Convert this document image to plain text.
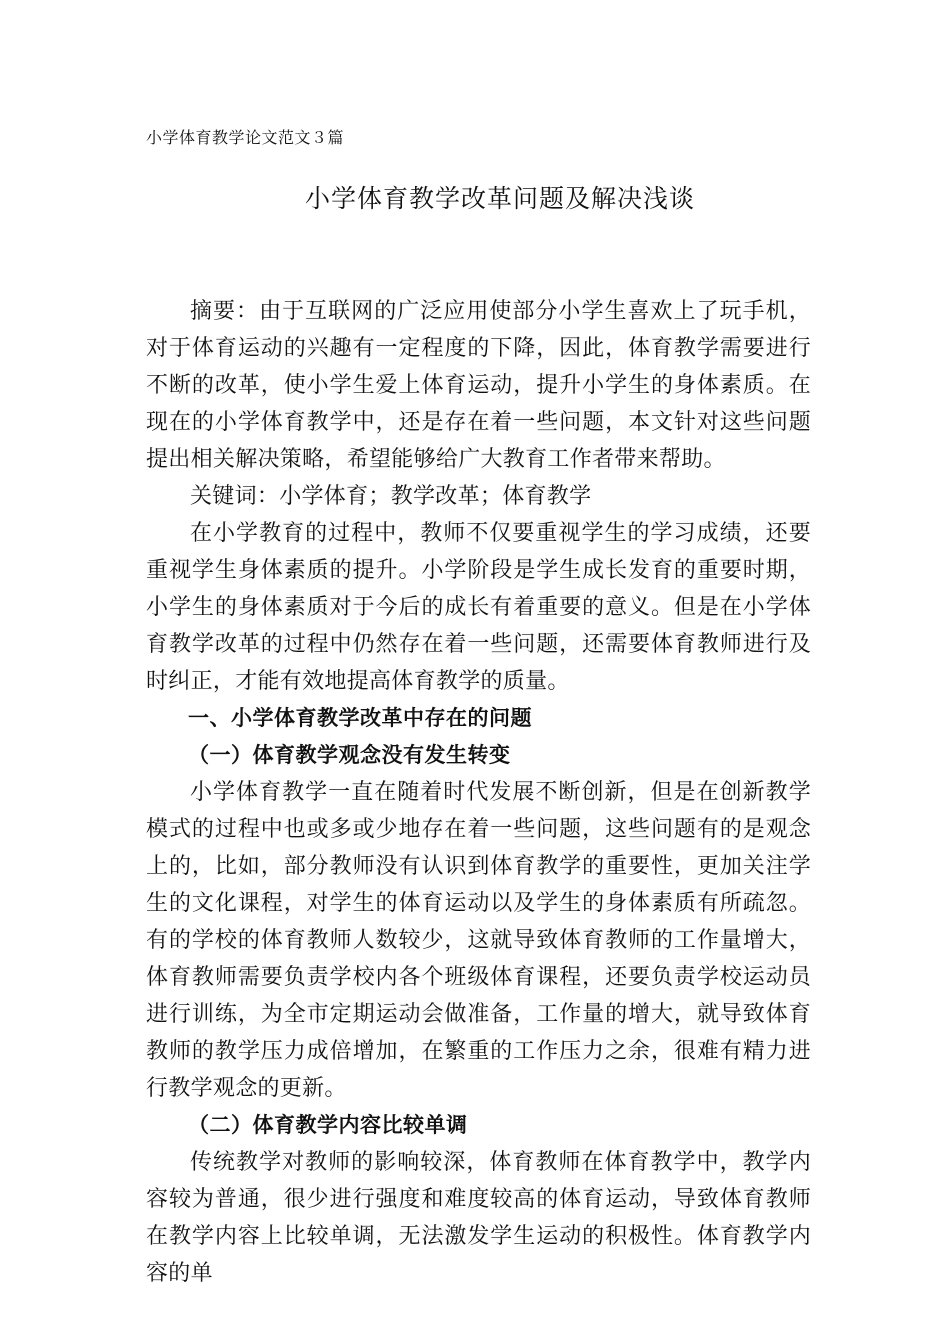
小学体育教学论文范文３篇
小学体育教学改革问题及解决浅谈

摘要：由于互联网的广泛应用使部分小学生喜欢上了玩手机，对于体育运动的兴趣有一定程度的下降，因此，体育教学需要进行不断的改革，使小学生爱上体育运动，提升小学生的身体素质。在现在的小学体育教学中，还是存在着一些问题，本文针对这些问题提出相关解决策略，希望能够给广大教育工作者带来帮助。

关键词：小学体育；教学改革；体育教学

在小学教育的过程中，教师不仅要重视学生的学习成绩，还要重视学生身体素质的提升。小学阶段是学生成长发育的重要时期，小学生的身体素质对于今后的成长有着重要的意义。但是在小学体育教学改革的过程中仍然存在着一些问题，还需要体育教师进行及时纠正，才能有效地提高体育教学的质量。

一、小学体育教学改革中存在的问题

（一）体育教学观念没有发生转变

小学体育教学一直在随着时代发展不断创新，但是在创新教学模式的过程中也或多或少地存在着一些问题，这些问题有的是观念上的，比如，部分教师没有认识到体育教学的重要性，更加关注学生的文化课程，对学生的体育运动以及学生的身体素质有所疏忽。有的学校的体育教师人数较少，这就导致体育教师的工作量增大，体育教师需要负责学校内各个班级体育课程，还要负责学校运动员进行训练，为全市定期运动会做准备，工作量的增大，就导致体育教师的教学压力成倍增加，在繁重的工作压力之余，很难有精力进行教学观念的更新。

（二）体育教学内容比较单调

传统教学对教师的影响较深，体育教师在体育教学中，教学内容较为普通，很少进行强度和难度较高的体育运动，导致体育教师在教学内容上比较单调，无法激发学生运动的积极性。体育教学内容的单
